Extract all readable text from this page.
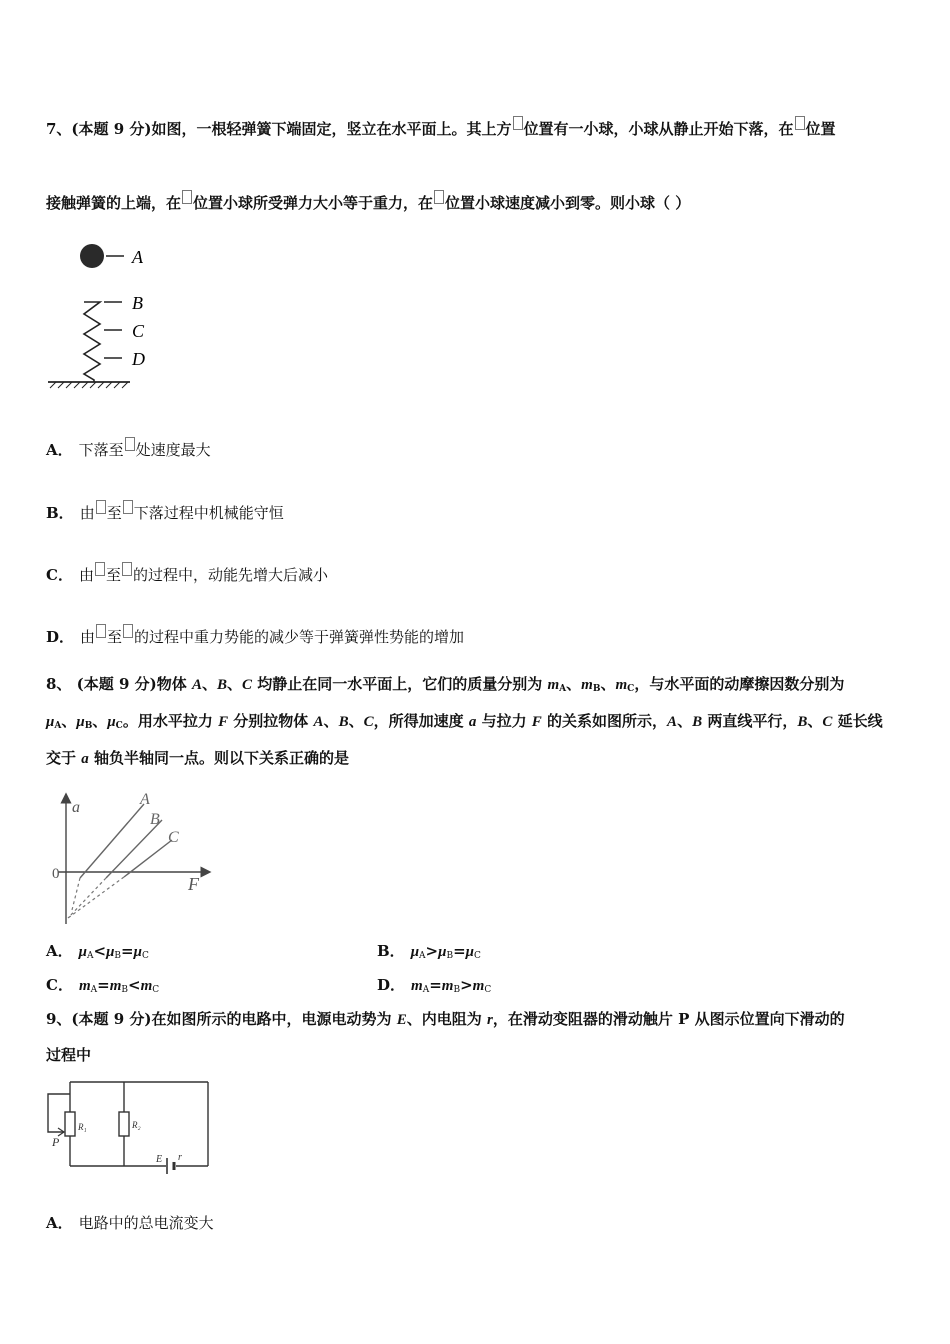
7、(本题 9 分)如图，一根轻弹簧下端固定，竖立在水平面上。其上方 位置有一小球，小球从静止开始下落，在 位置
接触弹簧的上端，在 位置小球所受弹力大小等于重力，在 位置小球速度减小到零。则小球（ ）
A
B
C
D
A． 下落至 处速度最大
B． 由 至 下落过程中机械能守恒
C． 由 至 的过程中，动能先增大后减小
D． 由 至 的过程中重力势能的减少等于弹簧弹性势能的增加
8、 (本题 9 分)物体 A、B、C 均静止在同一水平面上，它们的质量分别为 $m_A$、$m_B$、$m_C$，与水平面的动摩擦因数分别为
$\mu_A$、$\mu_B$、$\mu_C$。用水平拉力 F 分别拉物体 A、B、C，所得加速度 a 与拉力 F 的关系如图所示，A、B 两直线平行，B、C 延长线
交于 a 轴负半轴同一点。则以下关系正确的是
a
F
0
A
B
C
A． $\mu_A<\mu_B=\mu_C$	B． $\mu_A>\mu_B=\mu_C$
C． $m_A=m_B<m_C$	D． $m_A=m_B>m_C$
9、(本题 9 分)在如图所示的电路中，电源电动势为 E、内电阻为 r，在滑动变阻器的滑动触片 P 从图示位置向下滑动的
过程中
P
R₁	R₂
E r
A． 电路中的总电流变大
